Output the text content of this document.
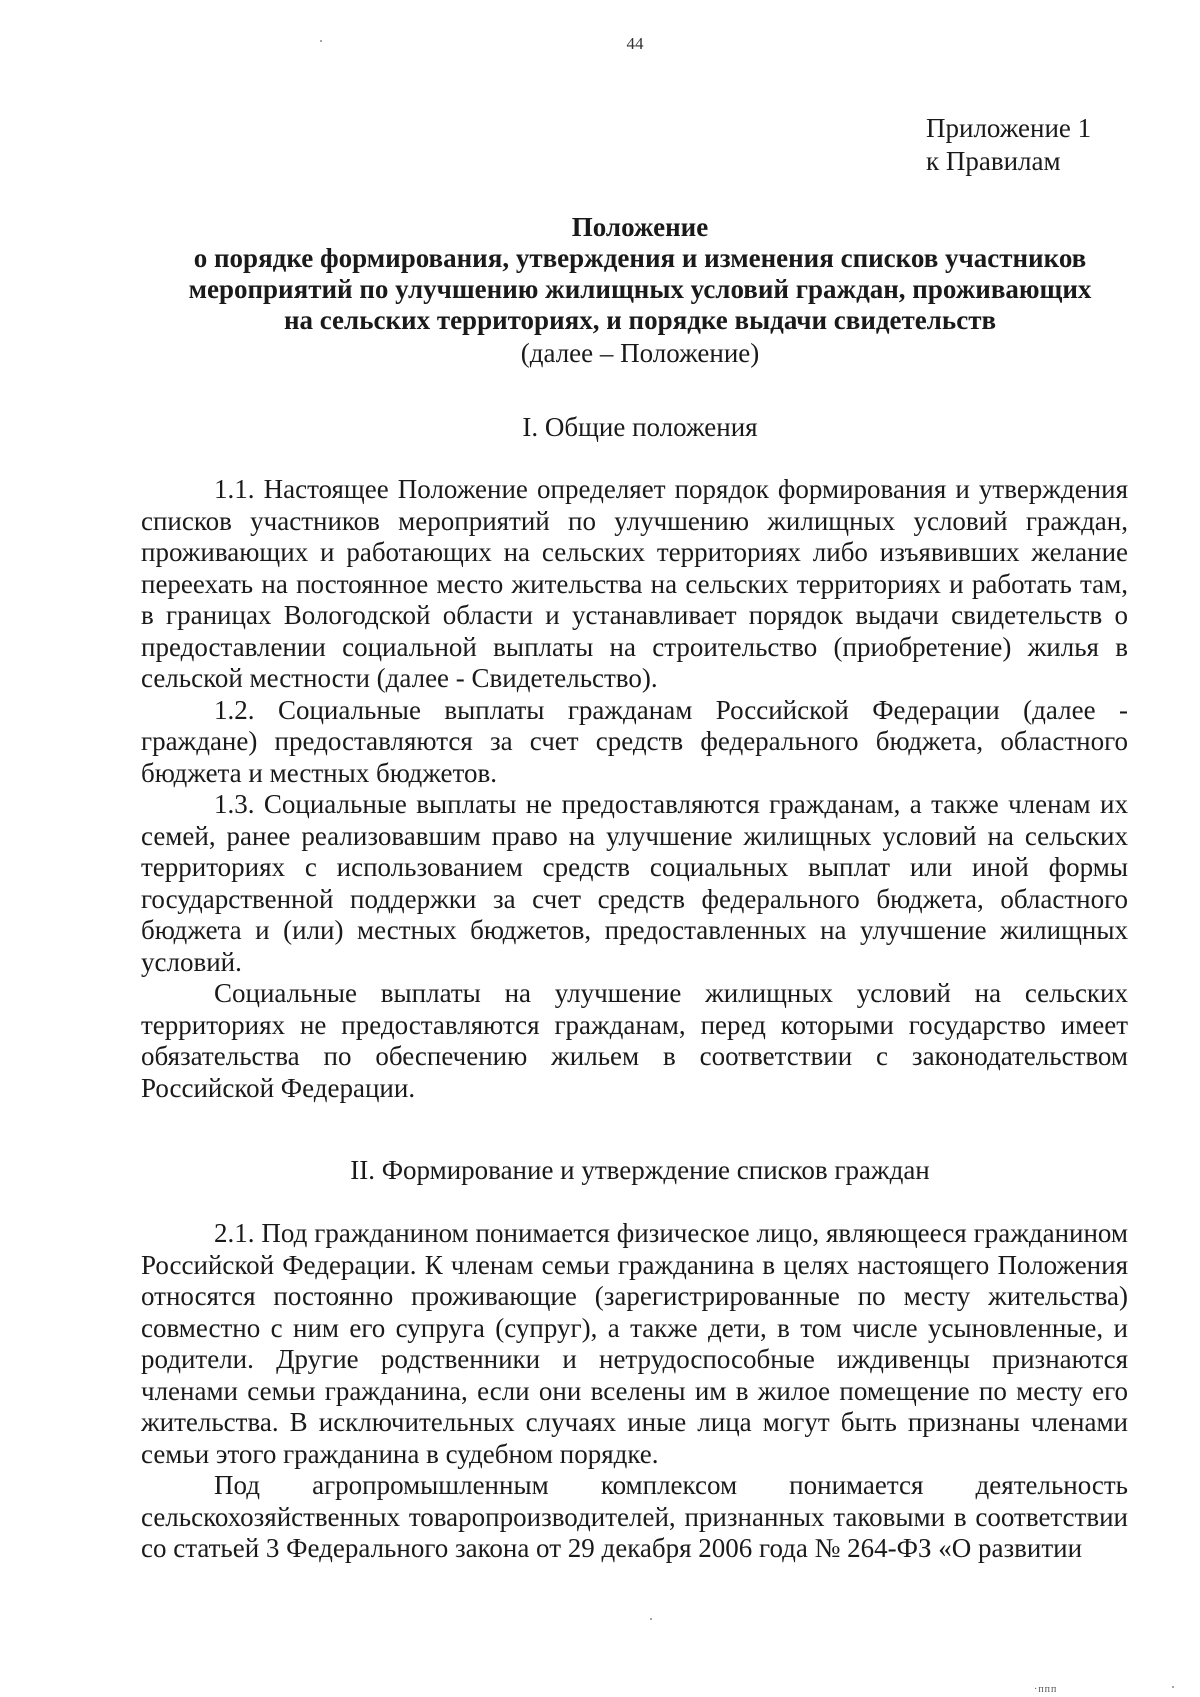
44
Приложение 1
к Правилам
Положение
о порядке формирования, утверждения и изменения списков участников
мероприятий по улучшению жилищных условий граждан, проживающих
на сельских территориях, и порядке выдачи свидетельств
(далее – Положение)
I. Общие положения

1.1. Настоящее Положение определяет порядок формирования и утверждения списков участников мероприятий по улучшению жилищных условий граждан, проживающих и работающих на сельских территориях либо изъявивших желание переехать на постоянное место жительства на сельских территориях и работать там, в границах Вологодской области и устанавливает порядок выдачи свидетельств о предоставлении социальной выплаты на строительство (приобретение) жилья в сельской местности (далее - Свидетельство).

1.2. Социальные выплаты гражданам Российской Федерации (далее - граждане) предоставляются за счет средств федерального бюджета, областного бюджета и местных бюджетов.

1.3. Социальные выплаты не предоставляются гражданам, а также членам их семей, ранее реализовавшим право на улучшение жилищных условий на сельских территориях с использованием средств социальных выплат или иной формы государственной поддержки за счет средств федерального бюджета, областного бюджета и (или) местных бюджетов, предоставленных на улучшение жилищных условий.

Социальные выплаты на улучшение жилищных условий на сельских территориях не предоставляются гражданам, перед которыми государство имеет обязательства по обеспечению жильем в соответствии с законодательством Российской Федерации.

II. Формирование и утверждение списков граждан

2.1. Под гражданином понимается физическое лицо, являющееся гражданином Российской Федерации. К членам семьи гражданина в целях настоящего Положения относятся постоянно проживающие (зарегистрированные по месту жительства) совместно с ним его супруга (супруг), а также дети, в том числе усыновленные, и родители. Другие родственники и нетрудоспособные иждивенцы признаются членами семьи гражданина, если они вселены им в жилое помещение по месту его жительства. В исключительных случаях иные лица могут быть признаны членами семьи этого гражданина в судебном порядке.

Под агропромышленным комплексом понимается деятельность сельскохозяйственных товаропроизводителей, признанных таковыми в соответствии со статьей 3 Федерального закона от 29 декабря 2006 года № 264-ФЗ «О развитии

·ппп
